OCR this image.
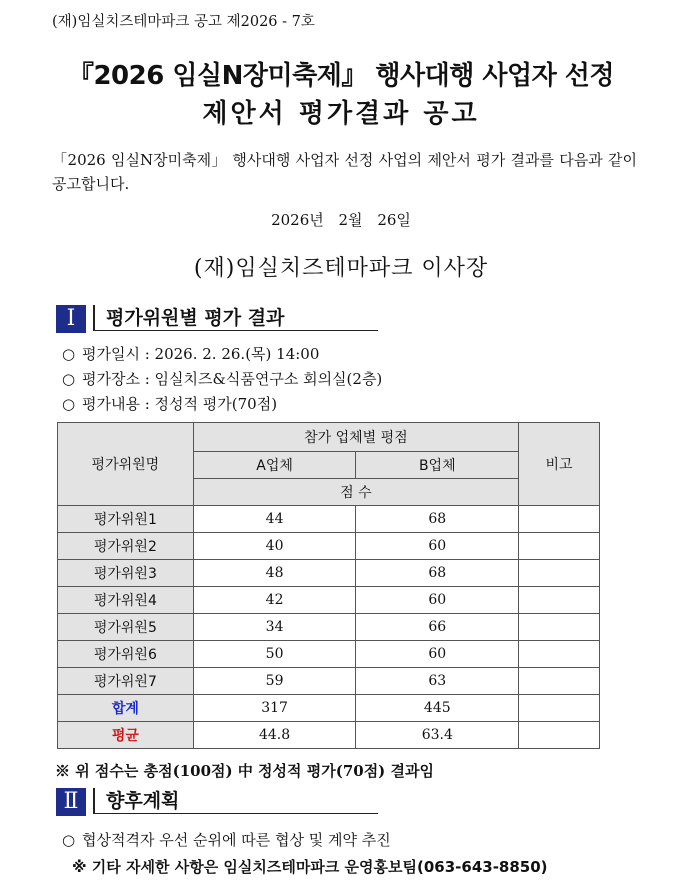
(재)임실치즈테마파크 공고 제2026 - 7호
『2026 임실N장미축제』 행사대행 사업자 선정
제안서 평가결과 공고
「2026 임실N장미축제」 행사대행 사업자 선정 사업의 제안서 평가 결과를 다음과 같이 공고합니다.
2026년 2월 26일
(재)임실치즈테마파크 이사장
Ⅰ	평가위원별 평가 결과
○ 평가일시 : 2026. 2. 26.(목) 14:00
○ 평가장소 : 임실치즈&식품연구소 회의실(2층)
○ 평가내용 : 정성적 평가(70점)
평가위원명	참가 업체별 평점		비고
	A업체	B업체	
	점 수		
평가위원1	44	68	
평가위원2	40	60	
평가위원3	48	68	
평가위원4	42	60	
평가위원5	34	66	
평가위원6	50	60	
평가위원7	59	63	
합계	317	445	
평균	44.8	63.4	
※ 위 점수는 총점(100점) 中 정성적 평가(70점) 결과임
Ⅱ	향후계획
○ 협상적격자 우선 순위에 따른 협상 및 계약 추진
※ 기타 자세한 사항은 임실치즈테마파크 운영홍보팀(063-643-8850)
